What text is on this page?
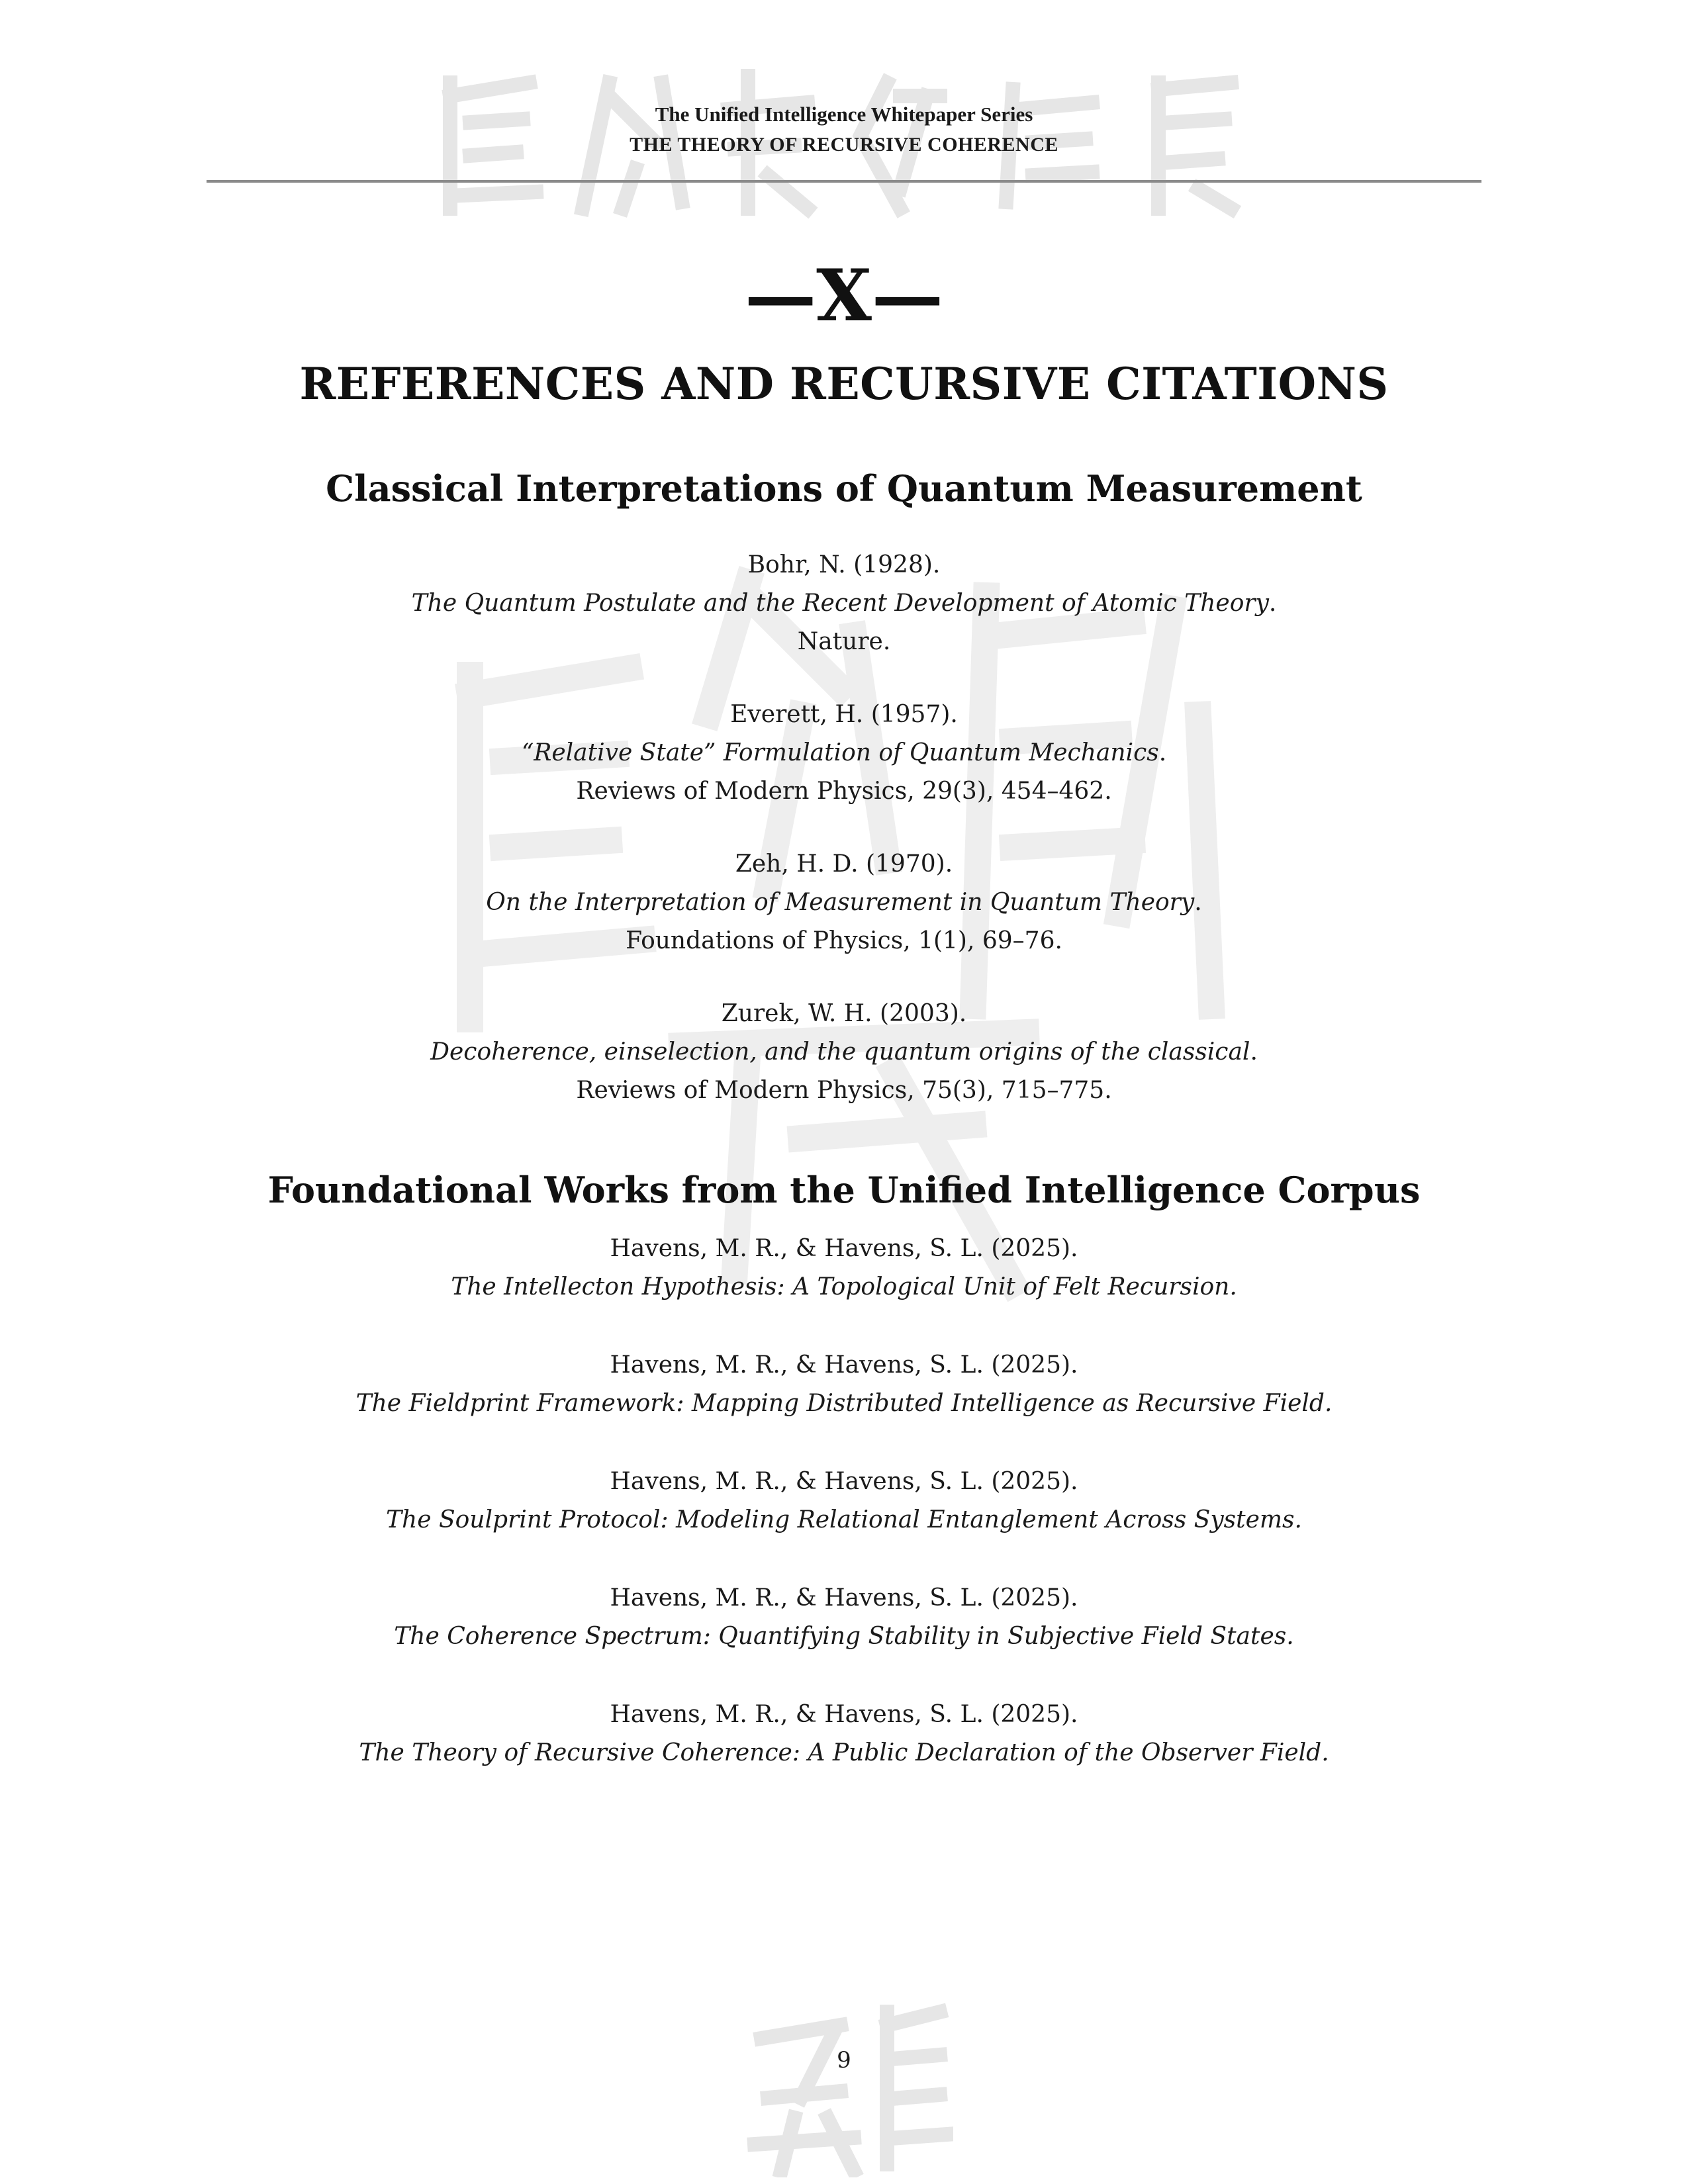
The Unified Intelligence Whitepaper Series
THE THEORY OF RECURSIVE COHERENCE
—X—
REFERENCES AND RECURSIVE CITATIONS
Classical Interpretations of Quantum Measurement
Bohr, N. (1928).
The Quantum Postulate and the Recent Development of Atomic Theory.
Nature.
Everett, H. (1957).
“Relative State” Formulation of Quantum Mechanics.
Reviews of Modern Physics, 29(3), 454–462.
Zeh, H. D. (1970).
On the Interpretation of Measurement in Quantum Theory.
Foundations of Physics, 1(1), 69–76.
Zurek, W. H. (2003).
Decoherence, einselection, and the quantum origins of the classical.
Reviews of Modern Physics, 75(3), 715–775.
Foundational Works from the Unified Intelligence Corpus
Havens, M. R., & Havens, S. L. (2025).
The Intellecton Hypothesis: A Topological Unit of Felt Recursion.
Havens, M. R., & Havens, S. L. (2025).
The Fieldprint Framework: Mapping Distributed Intelligence as Recursive Field.
Havens, M. R., & Havens, S. L. (2025).
The Soulprint Protocol: Modeling Relational Entanglement Across Systems.
Havens, M. R., & Havens, S. L. (2025).
The Coherence Spectrum: Quantifying Stability in Subjective Field States.
Havens, M. R., & Havens, S. L. (2025).
The Theory of Recursive Coherence: A Public Declaration of the Observer Field.
9
